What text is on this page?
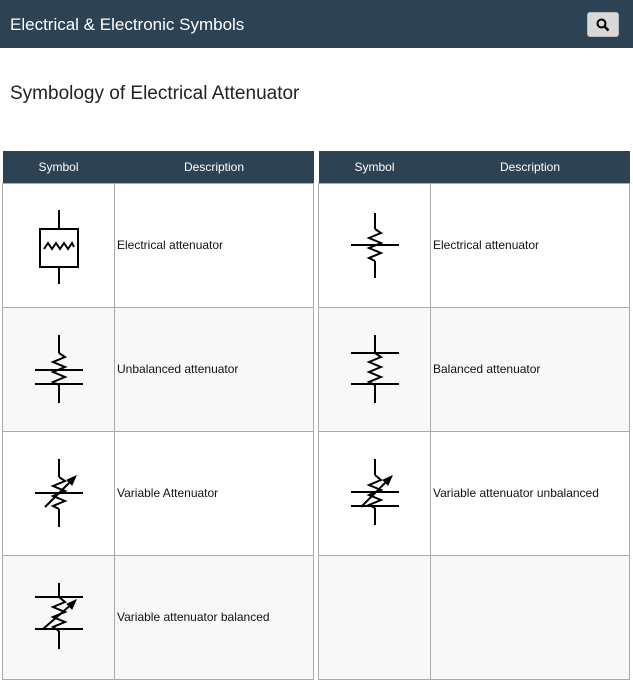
Electrical & Electronic Symbols
Symbology of Electrical Attenuator
Symbol	Description

	Electrical attenuator

	Unbalanced attenuator

	Variable Attenuator

	Variable attenuator balanced
Symbol	Description

	Electrical attenuator

	Balanced attenuator

	Variable attenuator unbalanced
